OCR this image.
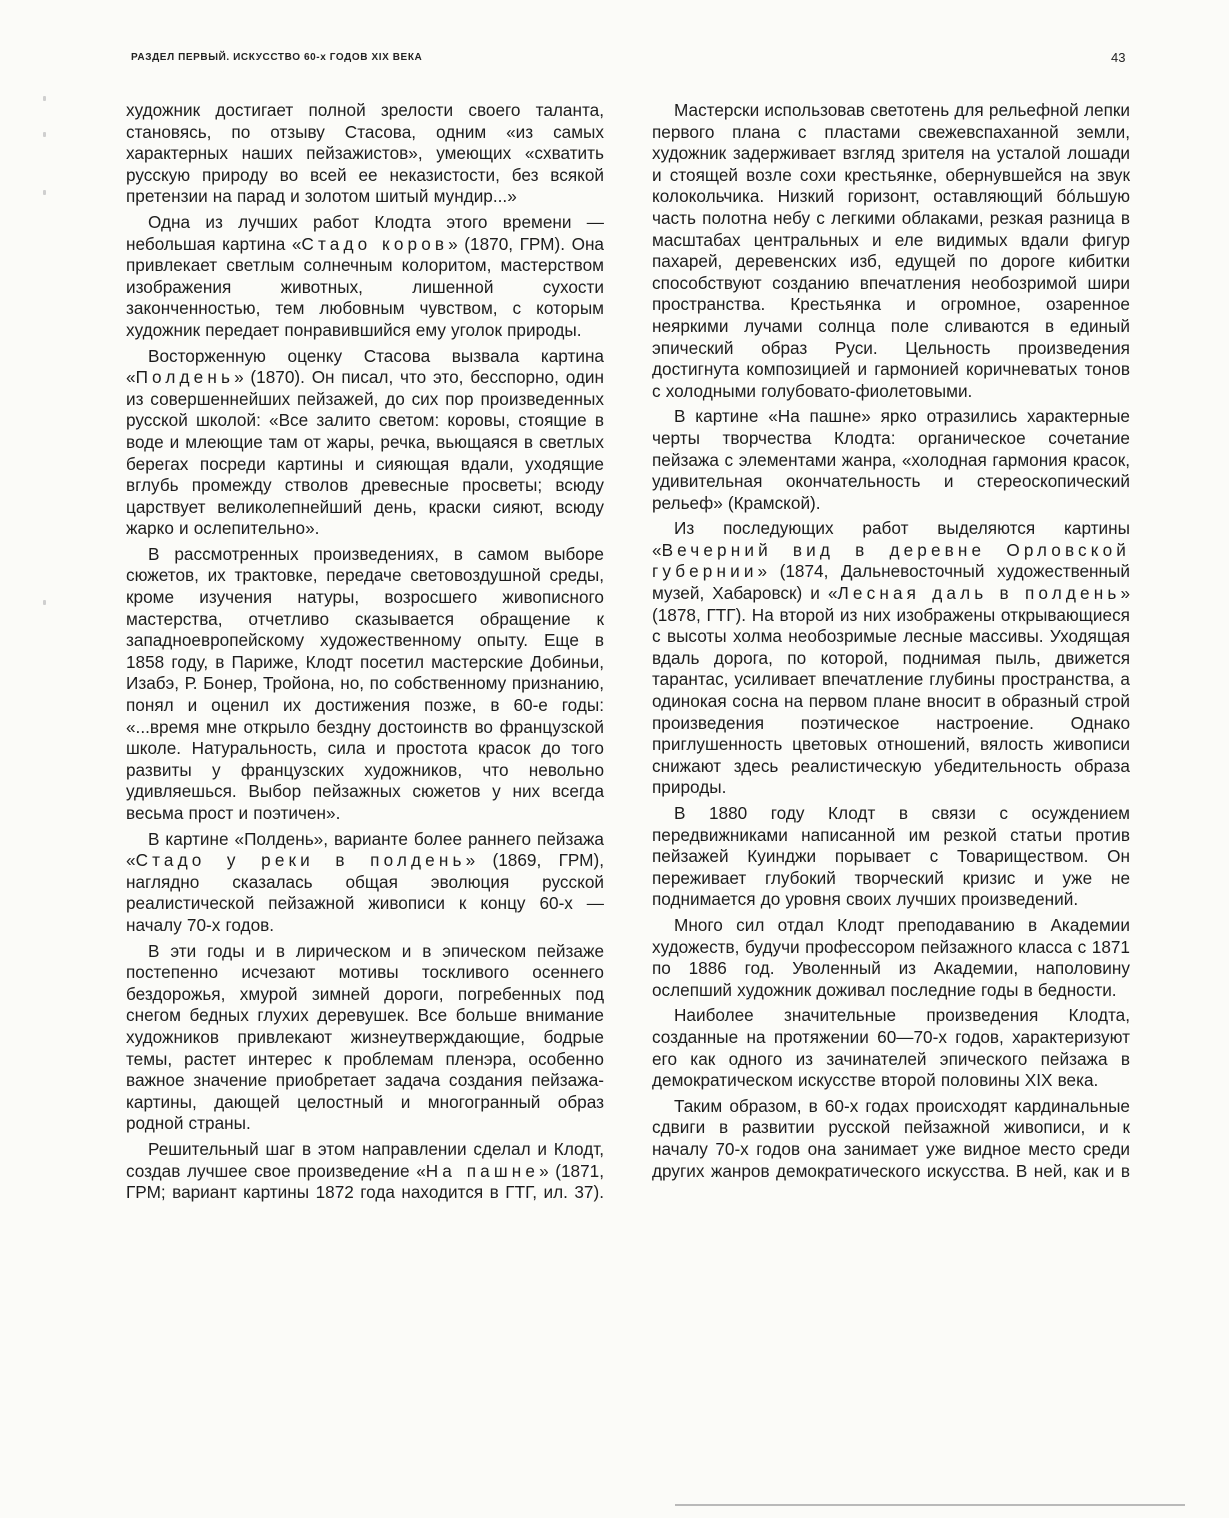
РАЗДЕЛ ПЕРВЫЙ. ИСКУССТВО 60-х ГОДОВ XIX ВЕКА	43

художник достигает полной зрелости своего таланта, становясь, по отзыву Стасова, одним «из самых характерных наших пейзажистов», умеющих «схватить русскую природу во всей ее неказистости, без всякой претензии на парад и золотом шитый мундир...»

Одна из лучших работ Клодта этого времени — небольшая картина «Стадо коров» (1870, ГРМ). Она привлекает светлым солнечным колоритом, мастерством изображения животных, лишенной сухости законченностью, тем любовным чувством, с которым художник передает понравившийся ему уголок природы.

Восторженную оценку Стасова вызвала картина «Полдень» (1870). Он писал, что это, бесспорно, один из совершеннейших пейзажей, до сих пор произведенных русской школой: «Все залито светом: коровы, стоящие в воде и млеющие там от жары, речка, вьющаяся в светлых берегах посреди картины и сияющая вдали, уходящие вглубь промежду стволов древесные просветы; всюду царствует великолепнейший день, краски сияют, всюду жарко и ослепительно».

В рассмотренных произведениях, в самом выборе сюжетов, их трактовке, передаче световоздушной среды, кроме изучения натуры, возросшего живописного мастерства, отчетливо сказывается обращение к западноевропейскому художественному опыту. Еще в 1858 году, в Париже, Клодт посетил мастерские Добиньи, Изабэ, Р. Бонер, Тройона, но, по собственному признанию, понял и оценил их достижения позже, в 60-е годы: «...время мне открыло бездну достоинств во французской школе. Натуральность, сила и простота красок до того развиты у французских художников, что невольно удивляешься. Выбор пейзажных сюжетов у них всегда весьма прост и поэтичен».

В картине «Полдень», варианте более раннего пейзажа «Стадо у реки в полдень» (1869, ГРМ), наглядно сказалась общая эволюция русской реалистической пейзажной живописи к концу 60-х — началу 70-х годов.

В эти годы и в лирическом и в эпическом пейзаже постепенно исчезают мотивы тоскливого осеннего бездорожья, хмурой зимней дороги, погребенных под снегом бедных глухих деревушек. Все больше внимание художников привлекают жизнеутверждающие, бодрые темы, растет интерес к проблемам пленэра, особенно важное значение приобретает задача создания пейзажа-картины, дающей целостный и многогранный образ родной страны.

Решительный шаг в этом направлении сделал и Клодт, создав лучшее свое произведение «На пашне» (1871, ГРМ; вариант картины 1872 года находится в ГТГ, ил. 37).

Мастерски использовав светотень для рельефной лепки первого плана с пластами свежевспаханной земли, художник задерживает взгляд зрителя на усталой лошади и стоящей возле сохи крестьянке, обернувшейся на звук колокольчика. Низкий горизонт, оставляющий бóльшую часть полотна небу с легкими облаками, резкая разница в масштабах центральных и еле видимых вдали фигур пахарей, деревенских изб, едущей по дороге кибитки способствуют созданию впечатления необозримой шири пространства. Крестьянка и огромное, озаренное неяркими лучами солнца поле сливаются в единый эпический образ Руси. Цельность произведения достигнута композицией и гармонией коричневатых тонов с холодными голубовато-фиолетовыми.

В картине «На пашне» ярко отразились характерные черты творчества Клодта: органическое сочетание пейзажа с элементами жанра, «холодная гармония красок, удивительная окончательность и стереоскопический рельеф» (Крамской).

Из последующих работ выделяются картины «Вечерний вид в деревне Орловской губернии» (1874, Дальневосточный художественный музей, Хабаровск) и «Лесная даль в полдень» (1878, ГТГ). На второй из них изображены открывающиеся с высоты холма необозримые лесные массивы. Уходящая вдаль дорога, по которой, поднимая пыль, движется тарантас, усиливает впечатление глубины пространства, а одинокая сосна на первом плане вносит в образный строй произведения поэтическое настроение. Однако приглушенность цветовых отношений, вялость живописи снижают здесь реалистическую убедительность образа природы.

В 1880 году Клодт в связи с осуждением передвижниками написанной им резкой статьи против пейзажей Куинджи порывает с Товариществом. Он переживает глубокий творческий кризис и уже не поднимается до уровня своих лучших произведений.

Много сил отдал Клодт преподаванию в Академии художеств, будучи профессором пейзажного класса с 1871 по 1886 год. Уволенный из Академии, наполовину ослепший художник доживал последние годы в бедности.

Наиболее значительные произведения Клодта, созданные на протяжении 60—70-х годов, характеризуют его как одного из зачинателей эпического пейзажа в демократическом искусстве второй половины XIX века.

Таким образом, в 60-х годах происходят кардинальные сдвиги в развитии русской пейзажной живописи, и к началу 70-х годов она занимает уже видное место среди других жанров демократического искусства. В ней, как и в
